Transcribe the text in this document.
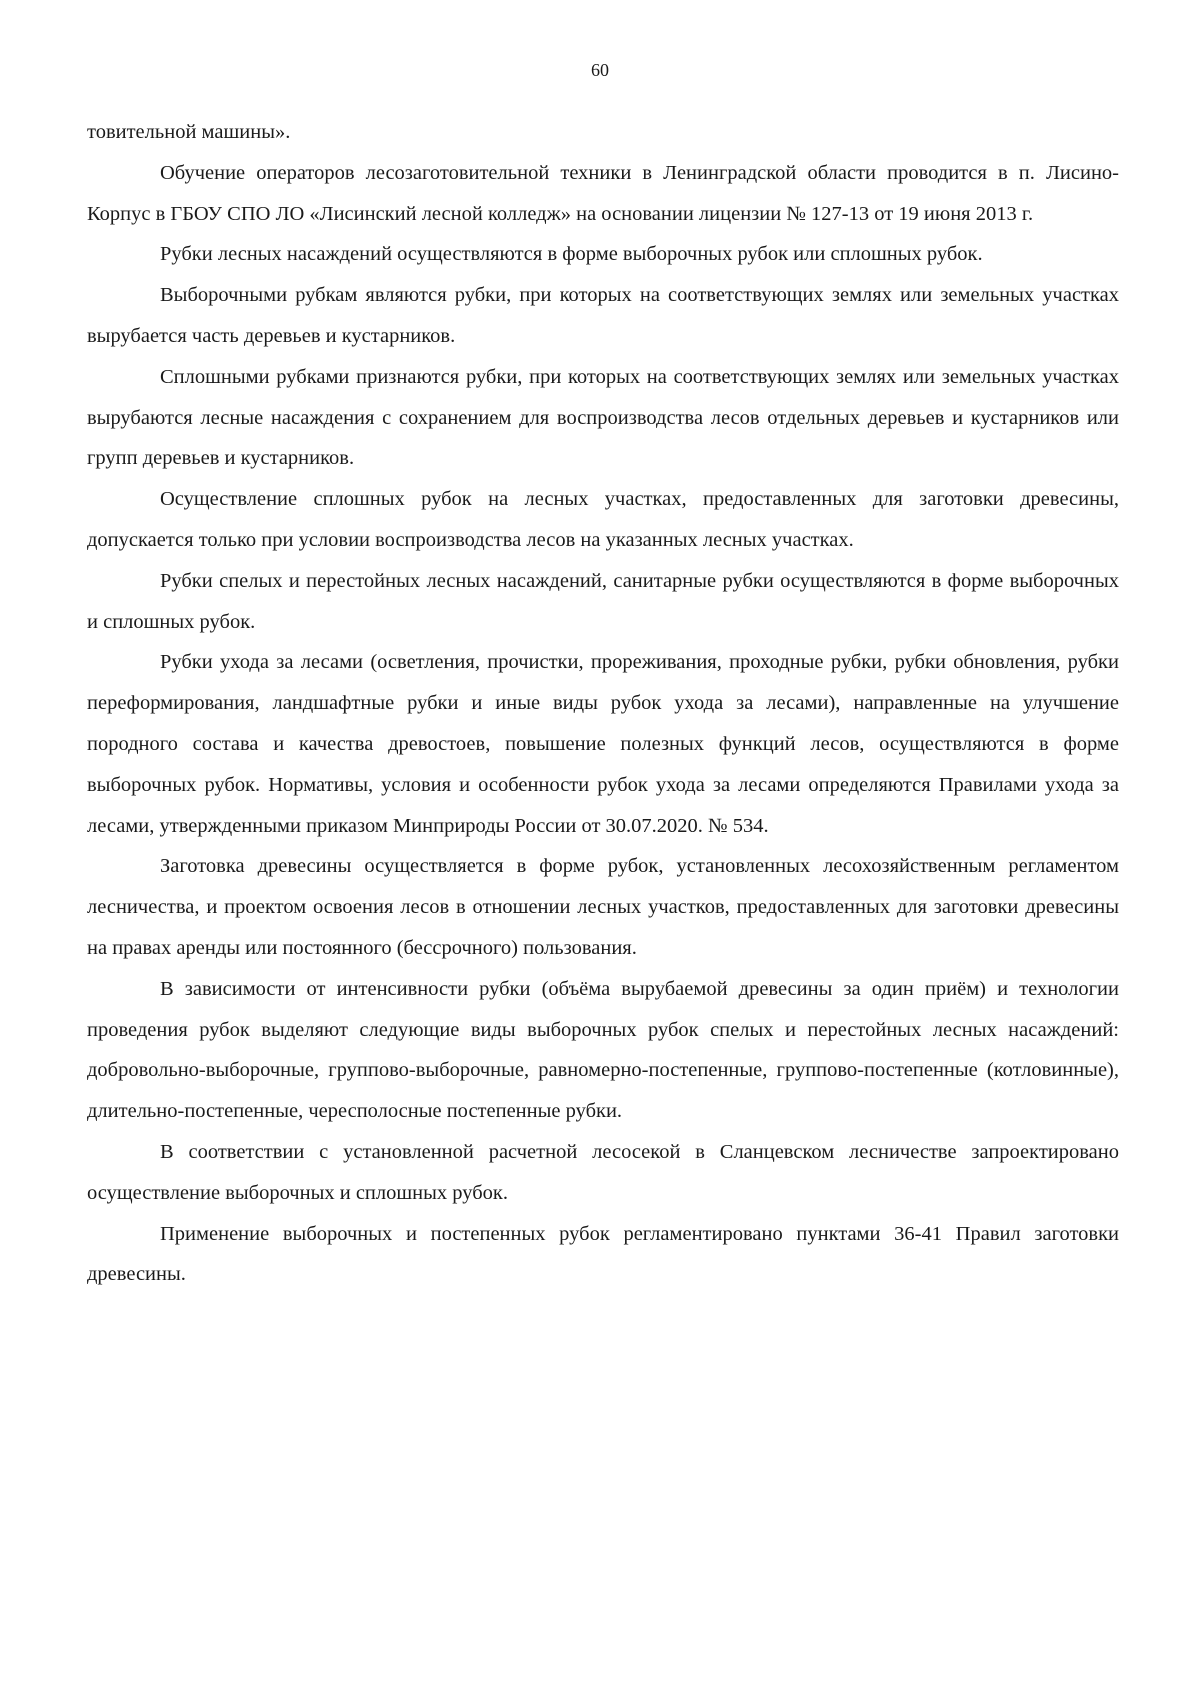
60

товительной машины».

Обучение операторов лесозаготовительной техники в Ленинградской области проводится в п. Лисино-Корпус в ГБОУ СПО ЛО «Лисинский лесной колледж» на основании лицензии № 127-13 от 19 июня 2013 г.

Рубки лесных насаждений осуществляются в форме выборочных рубок или сплошных рубок.

Выборочными рубкам являются рубки, при которых на соответствующих землях или земельных участках вырубается часть деревьев и кустарников.

Сплошными рубками признаются рубки, при которых на соответствующих землях или земельных участках вырубаются лесные насаждения с сохранением для воспроизводства лесов отдельных деревьев и кустарников или групп деревьев и кустарников.

Осуществление сплошных рубок на лесных участках, предоставленных для заготовки древесины, допускается только при условии воспроизводства лесов на указанных лесных участках.

Рубки спелых и перестойных лесных насаждений, санитарные рубки осуществляются в форме выборочных и сплошных рубок.

Рубки ухода за лесами (осветления, прочистки, прореживания, проходные рубки, рубки обновления, рубки переформирования, ландшафтные рубки и иные виды рубок ухода за лесами), направленные на улучшение породного состава и качества древостоев, повышение полезных функций лесов, осуществляются в форме выборочных рубок. Нормативы, условия и особенности рубок ухода за лесами определяются Правилами ухода за лесами, утвержденными приказом Минприроды России от 30.07.2020. № 534.

Заготовка древесины осуществляется в форме рубок, установленных лесохозяйственным регламентом лесничества, и проектом освоения лесов в отношении лесных участков, предоставленных для заготовки древесины на правах аренды или постоянного (бессрочного) пользования.

В зависимости от интенсивности рубки (объёма вырубаемой древесины за один приём) и технологии проведения рубок выделяют следующие виды выборочных рубок спелых и перестойных лесных насаждений: добровольно-выборочные, группово-выборочные, равномерно-постепенные, группово-постепенные (котловинные), длительно-постепенные, чересполосные постепенные рубки.

В соответствии с установленной расчетной лесосекой в Сланцевском лесничестве запроектировано осуществление выборочных и сплошных рубок.

Применение выборочных и постепенных рубок регламентировано пунктами 36-41 Правил заготовки древесины.
